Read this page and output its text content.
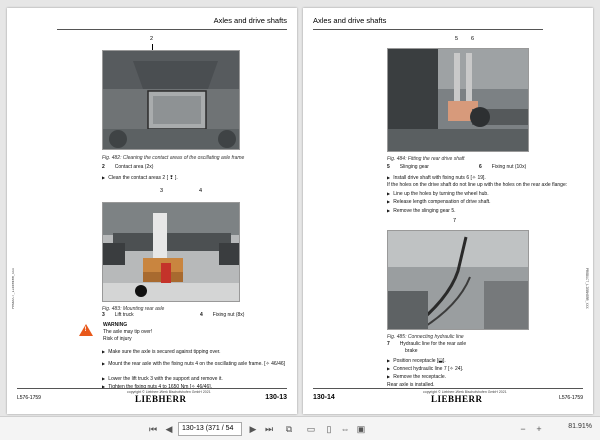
Axles and drive shafts
PRODUCT_LIEBHERR_XXX
2
Fig. 482: Cleaning the contact areas of the oscillating axle frame
2 Contact area (2x)
▶ Clean the contact areas 2 [ ❢ ].
3	4
Fig. 483: Mounting rear axle
3 Lift truck	4 Fixing nut (8x)
!
WARNING
The axle may tip over!
Risk of injury
▶ Make sure the axle is secured against tipping over.
▶ Mount the rear axle with the fixing nuts 4 on the oscillating axle frame. [✧ 46/46]
▶ Lower the lift truck 3 with the support and remove it.
▶ Tighten the fixing nuts 4 to 1650 Nm [✧ 46/46].
L576-1759
copyright © Liebherr-Werk Bischofshofen GmbH 2021
LIEBHERR	130-13
Axles and drive shafts
PRODUCT_LIEBHERR_XXX
5 6
Fig. 484: Fitting the rear drive shaft
5 Slinging gear	6 Fixing nut (10x)
▶ Install drive shaft with fixing nuts 6 [✧ 19].
If the holes on the drive shaft do not line up with the holes on the rear axle flange:
▶ Line up the holes by turning the wheel hub.
▶ Release length compensation of drive shaft.
▶ Remove the slinging gear 5.
7
Fig. 485: Connecting hydraulic line
7 Hydraulic line for the rear axle
brake
▶ Position receptacle [⬓].
▶ Connect hydraulic line 7 [✧ 24].
▶ Remove the receptacle.
Rear axle is installed.
130-14
copyright © Liebherr-Werk Bischofshofen GmbH 2021
LIEBHERR	L576-1759
⏮ ◀	130-13 (371 / 54	▶ ⏭	⧉	▭	▯	⇔ ▣	−	+	81.91%
